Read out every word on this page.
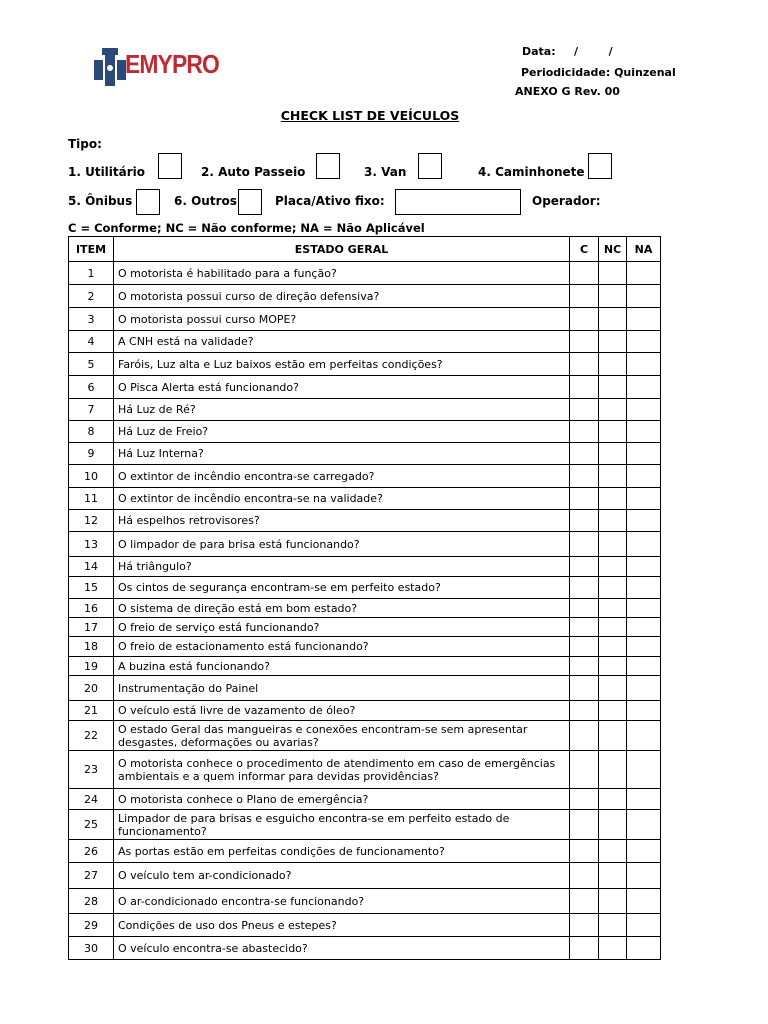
EMYPRO	Data: /        /
Periodicidade: Quinzenal
ANEXO G Rev. 00
CHECK LIST DE VEÍCULOS
Tipo:
1. Utilitário	2. Auto Passeio	3. Van	4. Caminhonete
5. Ônibus	6. Outros	Placa/Ativo fixo:	Operador:
C = Conforme; NC = Não conforme; NA = Não Aplicável
ITEM	ESTADO GERAL	C	NC	NA
1	O motorista é habilitado para a função?			
2	O motorista possui curso de direção defensiva?			
3	O motorista possui curso MOPE?			
4	A CNH está na validade?			
5	Faróis, Luz alta e Luz baixos estão em perfeitas condições?			
6	O Pisca Alerta está funcionando?			
7	Há Luz de Ré?			
8	Há Luz de Freio?			
9	Há Luz Interna?			
10	O extintor de incêndio encontra-se carregado?			
11	O extintor de incêndio encontra-se na validade?			
12	Há espelhos retrovisores?			
13	O limpador de para brisa está funcionando?			
14	Há triângulo?			
15	Os cintos de segurança encontram-se em perfeito estado?			
16	O sistema de direção está em bom estado?			
17	O freio de serviço está funcionando?			
18	O freio de estacionamento está funcionando?			
19	A buzina está funcionando?			
20	Instrumentação do Painel			
21	O veículo está livre de vazamento de óleo?			
22	O estado Geral das mangueiras e conexões encontram-se sem apresentar desgastes, deformações ou avarias?			
23	O motorista conhece o procedimento de atendimento em caso de emergências ambientais e a quem informar para devidas providências?			
24	O motorista conhece o Plano de emergência?			
25	Limpador de para brisas e esguicho encontra-se em perfeito estado de funcionamento?			
26	As portas estão em perfeitas condições de funcionamento?			
27	O veículo tem ar-condicionado?			
28	O ar-condicionado encontra-se funcionando?			
29	Condições de uso dos Pneus e estepes?			
30	O veículo encontra-se abastecido?			
